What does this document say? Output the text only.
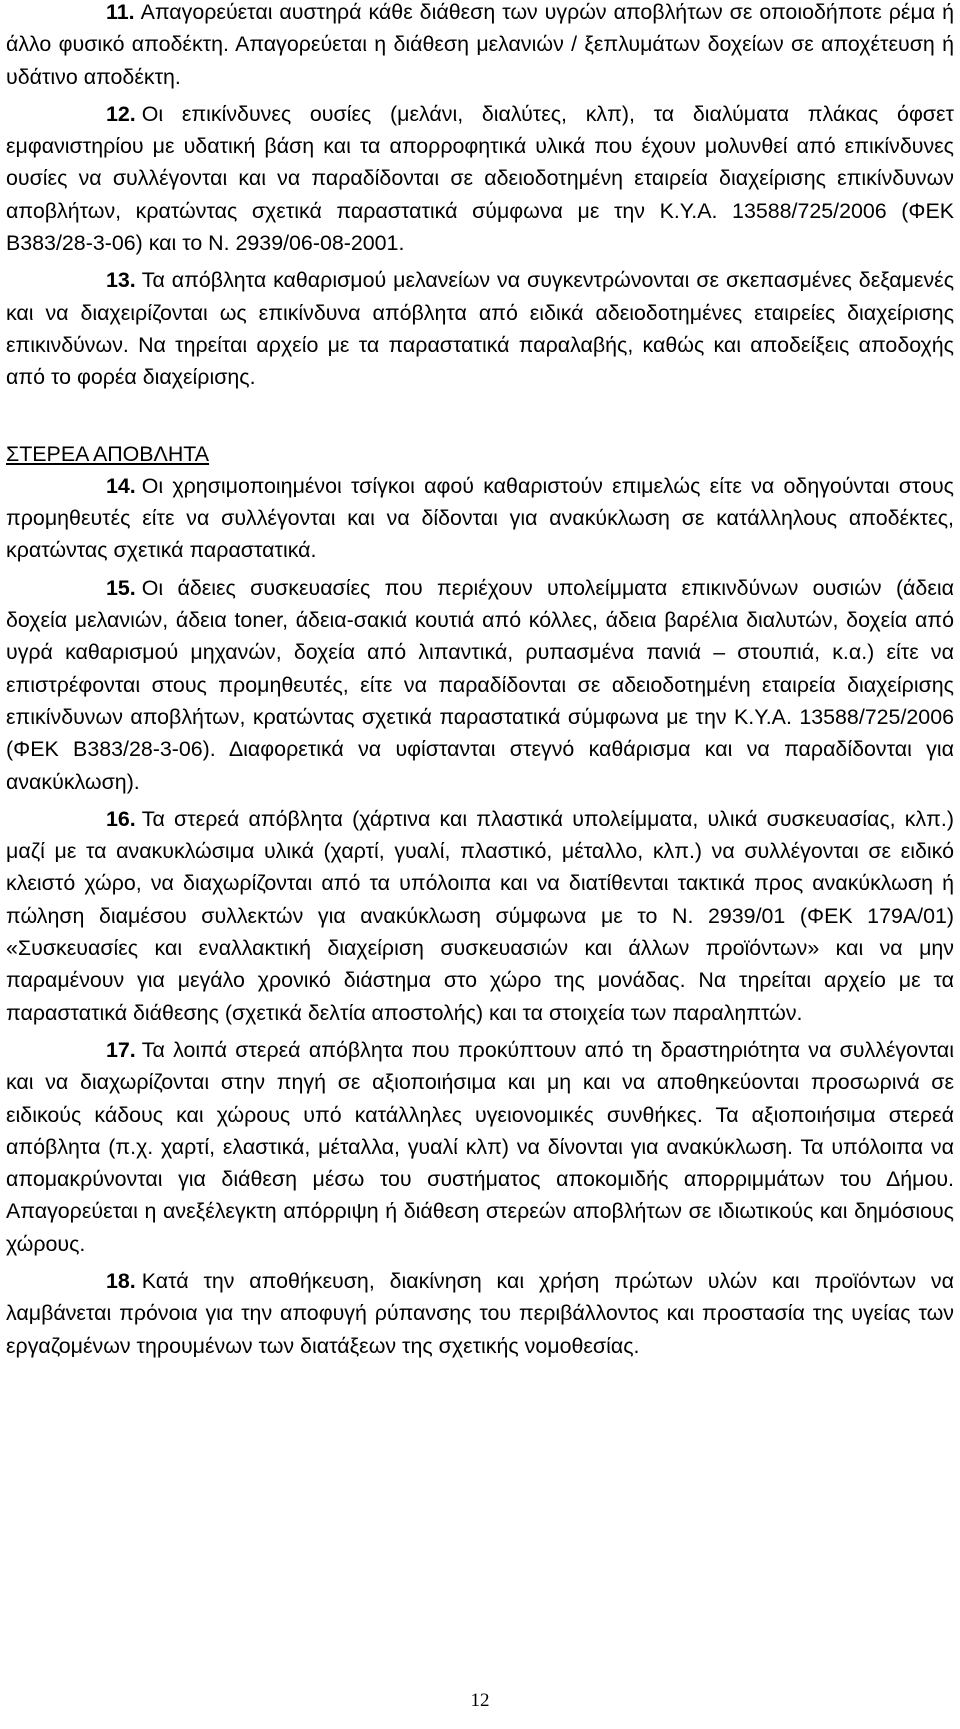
11. Απαγορεύεται αυστηρά κάθε διάθεση των υγρών αποβλήτων σε οποιοδήποτε ρέμα ή άλλο φυσικό αποδέκτη. Απαγορεύεται η διάθεση μελανιών / ξεπλυμάτων δοχείων σε αποχέτευση ή υδάτινο αποδέκτη.

12. Οι επικίνδυνες ουσίες (μελάνι, διαλύτες, κλπ), τα διαλύματα πλάκας όφσετ εμφανιστηρίου με υδατική βάση και τα απορροφητικά υλικά που έχουν μολυνθεί από επικίνδυνες ουσίες να συλλέγονται και να παραδίδονται σε αδειοδοτημένη εταιρεία διαχείρισης επικίνδυνων αποβλήτων, κρατώντας σχετικά παραστατικά σύμφωνα με την Κ.Υ.Α. 13588/725/2006 (ΦΕΚ Β383/28-3-06) και το Ν. 2939/06-08-2001.

13. Τα απόβλητα καθαρισμού μελανείων να συγκεντρώνονται σε σκεπασμένες δεξαμενές και να διαχειρίζονται ως επικίνδυνα απόβλητα από ειδικά αδειοδοτημένες εταιρείες διαχείρισης επικινδύνων. Να τηρείται αρχείο με τα παραστατικά παραλαβής, καθώς και αποδείξεις αποδοχής από το φορέα διαχείρισης.

ΣΤΕΡΕΑ ΑΠΟΒΛΗΤΑ

14. Οι χρησιμοποιημένοι τσίγκοι αφού καθαριστούν επιμελώς είτε να οδηγούνται στους προμηθευτές είτε να συλλέγονται και να δίδονται για ανακύκλωση σε κατάλληλους αποδέκτες, κρατώντας σχετικά παραστατικά.

15. Οι άδειες συσκευασίες που περιέχουν υπολείμματα επικινδύνων ουσιών (άδεια δοχεία μελανιών, άδεια toner, άδεια-σακιά κουτιά από κόλλες, άδεια βαρέλια διαλυτών, δοχεία από υγρά καθαρισμού μηχανών, δοχεία από λιπαντικά, ρυπασμένα πανιά – στουπιά, κ.α.) είτε να επιστρέφονται στους προμηθευτές, είτε να παραδίδονται σε αδειοδοτημένη εταιρεία διαχείρισης επικίνδυνων αποβλήτων, κρατώντας σχετικά παραστατικά σύμφωνα με την Κ.Υ.Α. 13588/725/2006 (ΦΕΚ Β383/28-3-06). Διαφορετικά να υφίστανται στεγνό καθάρισμα και να παραδίδονται για ανακύκλωση).

16. Τα στερεά απόβλητα (χάρτινα και πλαστικά υπολείμματα, υλικά συσκευασίας, κλπ.) μαζί με τα ανακυκλώσιμα υλικά (χαρτί, γυαλί, πλαστικό, μέταλλο, κλπ.) να συλλέγονται σε ειδικό κλειστό χώρο, να διαχωρίζονται από τα υπόλοιπα και να διατίθενται τακτικά προς ανακύκλωση ή πώληση διαμέσου συλλεκτών για ανακύκλωση σύμφωνα με το Ν. 2939/01 (ΦΕΚ 179Α/01) «Συσκευασίες και εναλλακτική διαχείριση συσκευασιών και άλλων προϊόντων» και να μην παραμένουν για μεγάλο χρονικό διάστημα στο χώρο της μονάδας. Να τηρείται αρχείο με τα παραστατικά διάθεσης (σχετικά δελτία αποστολής) και τα στοιχεία των παραληπτών.

17. Τα λοιπά στερεά απόβλητα που προκύπτουν από τη δραστηριότητα να συλλέγονται και να διαχωρίζονται στην πηγή σε αξιοποιήσιμα και μη και να αποθηκεύονται προσωρινά σε ειδικούς κάδους και χώρους υπό κατάλληλες υγειονομικές συνθήκες. Τα αξιοποιήσιμα στερεά απόβλητα (π.χ. χαρτί, ελαστικά, μέταλλα, γυαλί κλπ) να δίνονται για ανακύκλωση. Τα υπόλοιπα να απομακρύνονται για διάθεση μέσω του συστήματος αποκομιδής απορριμμάτων του Δήμου. Απαγορεύεται η ανεξέλεγκτη απόρριψη ή διάθεση στερεών αποβλήτων σε ιδιωτικούς και δημόσιους χώρους.

18. Κατά την αποθήκευση, διακίνηση και χρήση πρώτων υλών και προϊόντων να λαμβάνεται πρόνοια για την αποφυγή ρύπανσης του περιβάλλοντος και προστασία της υγείας των εργαζομένων τηρουμένων των διατάξεων της σχετικής νομοθεσίας.

12
